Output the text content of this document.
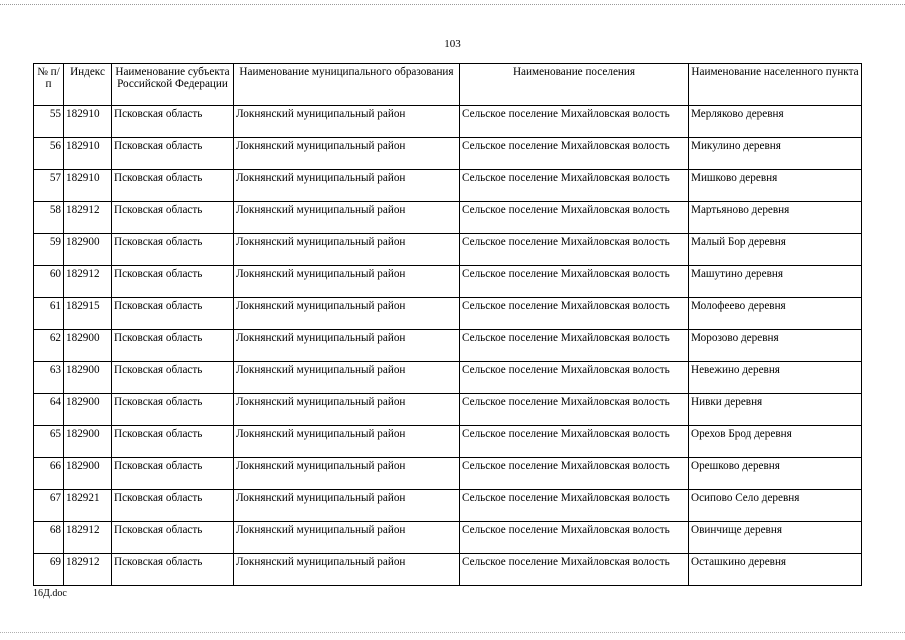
103
№ п/п	Индекс	Наименование субъекта Российской Федерации	Наименование муниципального образования	Наименование поселения	Наименование населенного пункта
55	182910	Псковская область	Локнянский муниципальный район	Сельское поселение Михайловская волость	Мерляково деревня
56	182910	Псковская область	Локнянский муниципальный район	Сельское поселение Михайловская волость	Микулино деревня
57	182910	Псковская область	Локнянский муниципальный район	Сельское поселение Михайловская волость	Мишково деревня
58	182912	Псковская область	Локнянский муниципальный район	Сельское поселение Михайловская волость	Мартьяново деревня
59	182900	Псковская область	Локнянский муниципальный район	Сельское поселение Михайловская волость	Малый Бор деревня
60	182912	Псковская область	Локнянский муниципальный район	Сельское поселение Михайловская волость	Машутино деревня
61	182915	Псковская область	Локнянский муниципальный район	Сельское поселение Михайловская волость	Молофеево деревня
62	182900	Псковская область	Локнянский муниципальный район	Сельское поселение Михайловская волость	Морозово деревня
63	182900	Псковская область	Локнянский муниципальный район	Сельское поселение Михайловская волость	Невежино деревня
64	182900	Псковская область	Локнянский муниципальный район	Сельское поселение Михайловская волость	Нивки деревня
65	182900	Псковская область	Локнянский муниципальный район	Сельское поселение Михайловская волость	Орехов Брод деревня
66	182900	Псковская область	Локнянский муниципальный район	Сельское поселение Михайловская волость	Орешково деревня
67	182921	Псковская область	Локнянский муниципальный район	Сельское поселение Михайловская волость	Осипово Село деревня
68	182912	Псковская область	Локнянский муниципальный район	Сельское поселение Михайловская волость	Овинчище деревня
69	182912	Псковская область	Локнянский муниципальный район	Сельское поселение Михайловская волость	Осташкино деревня
16Д.doc
